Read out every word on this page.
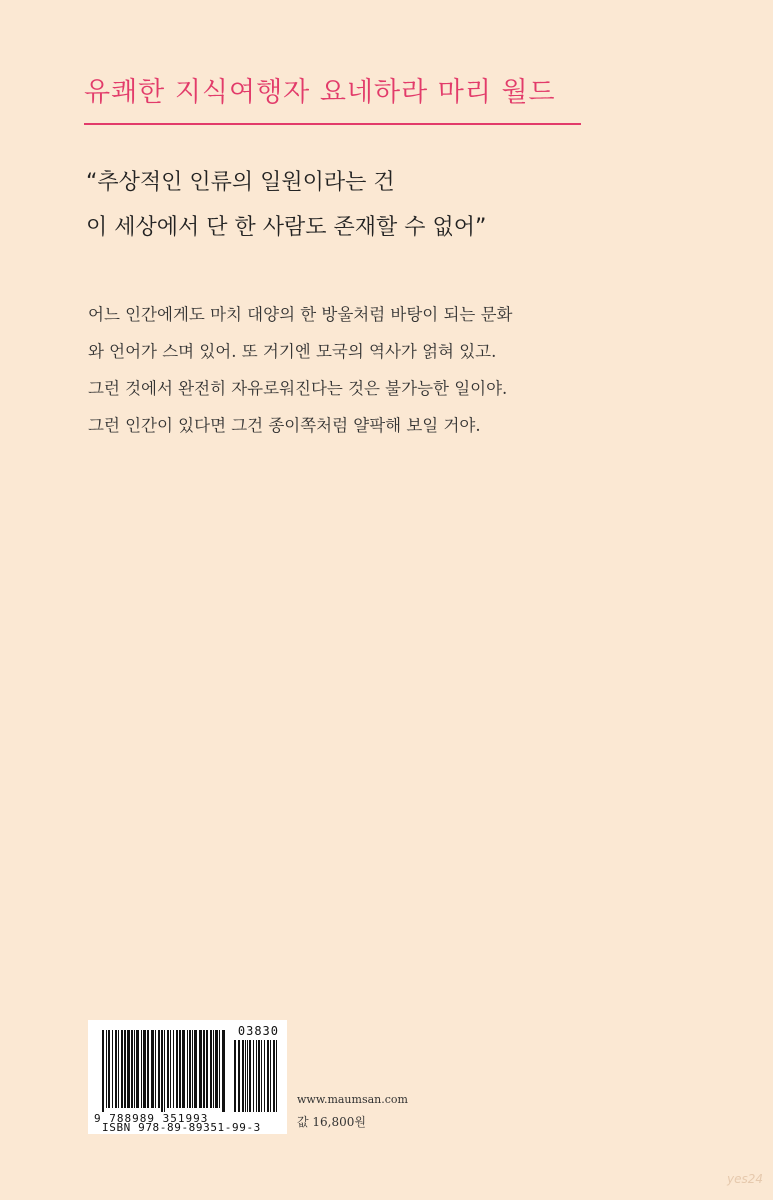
유쾌한 지식여행자 요네하라 마리 월드
“추상적인 인류의 일원이라는 건
이 세상에서 단 한 사람도 존재할 수 없어”
어느 인간에게도 마치 대양의 한 방울처럼 바탕이 되는 문화
와 언어가 스며 있어. 또 거기엔 모국의 역사가 얽혀 있고.
그런 것에서 완전히 자유로워진다는 것은 불가능한 일이야.
그런 인간이 있다면 그건 종이쪽처럼 얄팍해 보일 거야.
03830
9 788989 351993
ISBN 978-89-89351-99-3
www.maumsan.com
값 16,800원
yes24
